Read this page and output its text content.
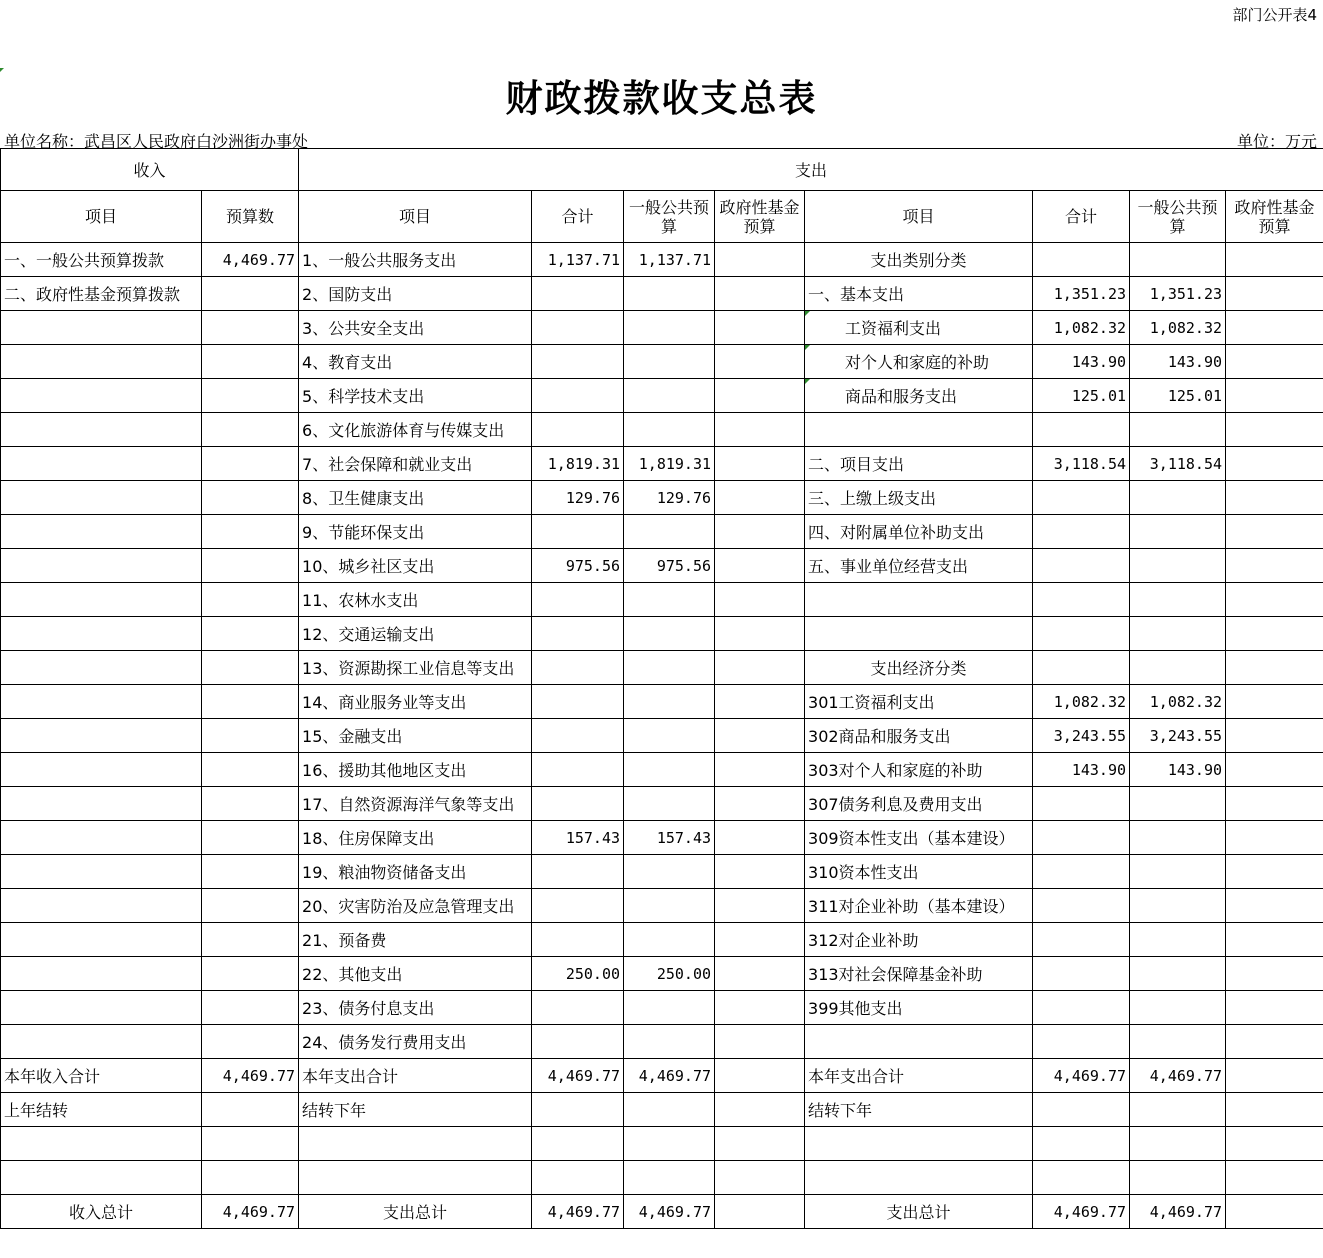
部门公开表4
财政拨款收支总表
单位名称：武昌区人民政府白沙洲街办事处	单位：万元
收入		支出							
项目	预算数	项目	合计	一般公共预算	政府性基金预算	项目	合计	一般公共预算	政府性基金预算
一、一般公共预算拨款	4,469.77	1、一般公共服务支出	1,137.71	1,137.71		支出类别分类			
二、政府性基金预算拨款		2、国防支出				一、基本支出	1,351.23	1,351.23	
		3、公共安全支出				工资福利支出	1,082.32	1,082.32	
		4、教育支出				对个人和家庭的补助	143.90	143.90	
		5、科学技术支出				商品和服务支出	125.01	125.01	
		6、文化旅游体育与传媒支出							
		7、社会保障和就业支出	1,819.31	1,819.31		二、项目支出	3,118.54	3,118.54	
		8、卫生健康支出	129.76	129.76		三、上缴上级支出			
		9、节能环保支出				四、对附属单位补助支出			
		10、城乡社区支出	975.56	975.56		五、事业单位经营支出			
		11、农林水支出							
		12、交通运输支出							
		13、资源勘探工业信息等支出				支出经济分类			
		14、商业服务业等支出				301工资福利支出	1,082.32	1,082.32	
		15、金融支出				302商品和服务支出	3,243.55	3,243.55	
		16、援助其他地区支出				303对个人和家庭的补助	143.90	143.90	
		17、自然资源海洋气象等支出				307债务利息及费用支出			
		18、住房保障支出	157.43	157.43		309资本性支出（基本建设）			
		19、粮油物资储备支出				310资本性支出			
		20、灾害防治及应急管理支出				311对企业补助（基本建设）			
		21、预备费				312对企业补助			
		22、其他支出	250.00	250.00		313对社会保障基金补助			
		23、债务付息支出				399其他支出			
		24、债务发行费用支出							
本年收入合计	4,469.77	本年支出合计	4,469.77	4,469.77		本年支出合计	4,469.77	4,469.77	
上年结转		结转下年				结转下年			

收入总计	4,469.77	支出总计	4,469.77	4,469.77		支出总计	4,469.77	4,469.77	
